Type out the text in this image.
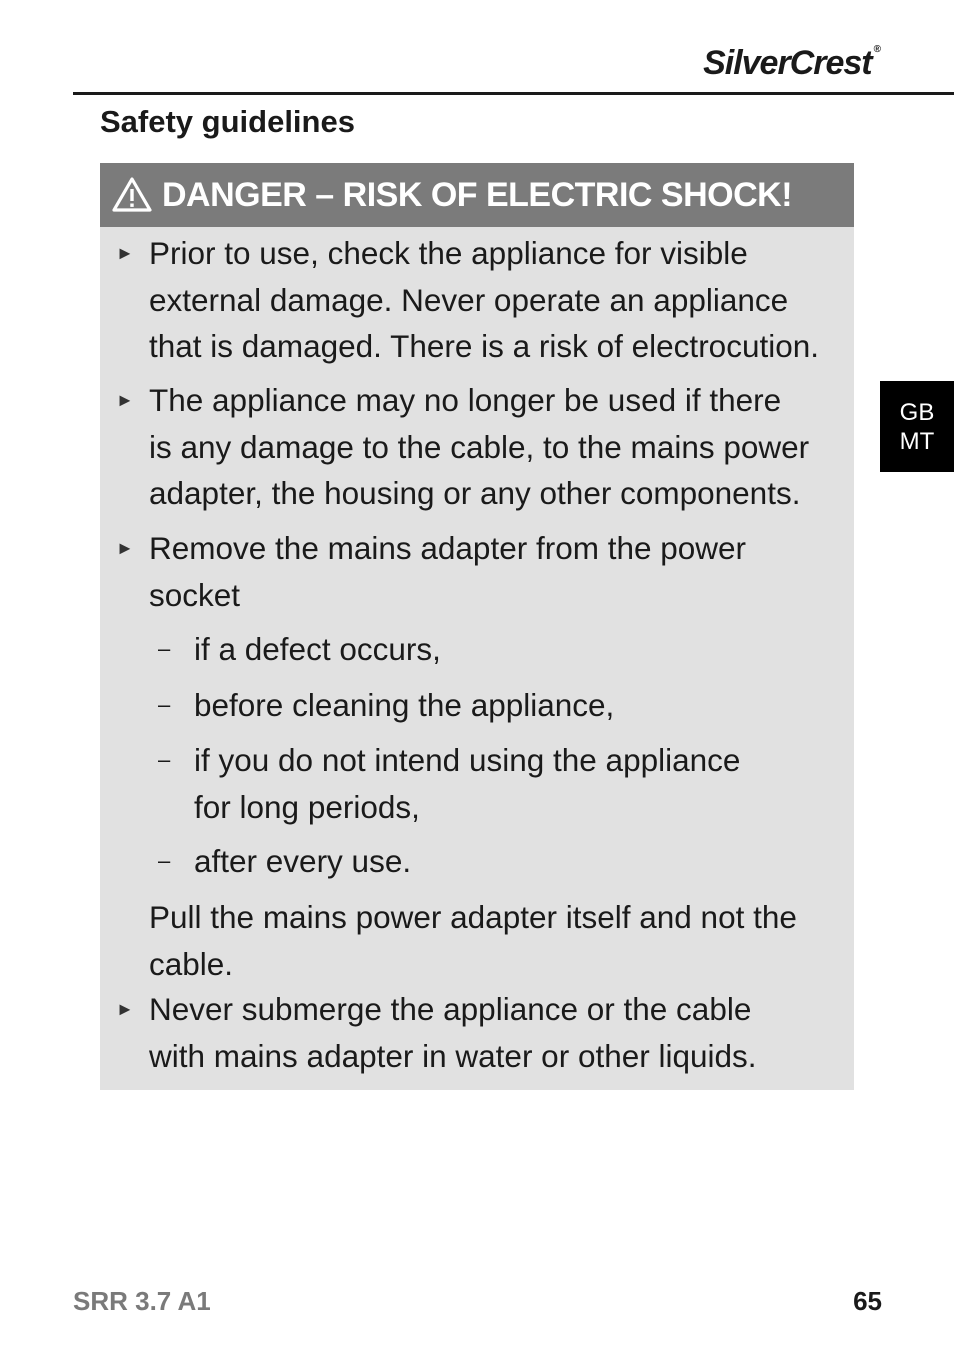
SilverCrest ®
Safety guidelines
DANGER – RISK OF ELECTRIC SHOCK!
► Prior to use, check the appliance for visible
external damage. Never operate an appliance
that is damaged. There is a risk of electrocution.
► The appliance may no longer be used if there
is any damage to the cable, to the mains power
adapter, the housing or any other components.
► Remove the mains adapter from the power
socket
– if a defect occurs,
– before cleaning the appliance,
– if you do not intend using the appliance
for long periods,
– after every use.
Pull the mains power adapter itself and not the
cable.
► Never submerge the appliance or the cable
with mains adapter in water or other liquids.
GB
MT
SRR 3.7 A1	65
